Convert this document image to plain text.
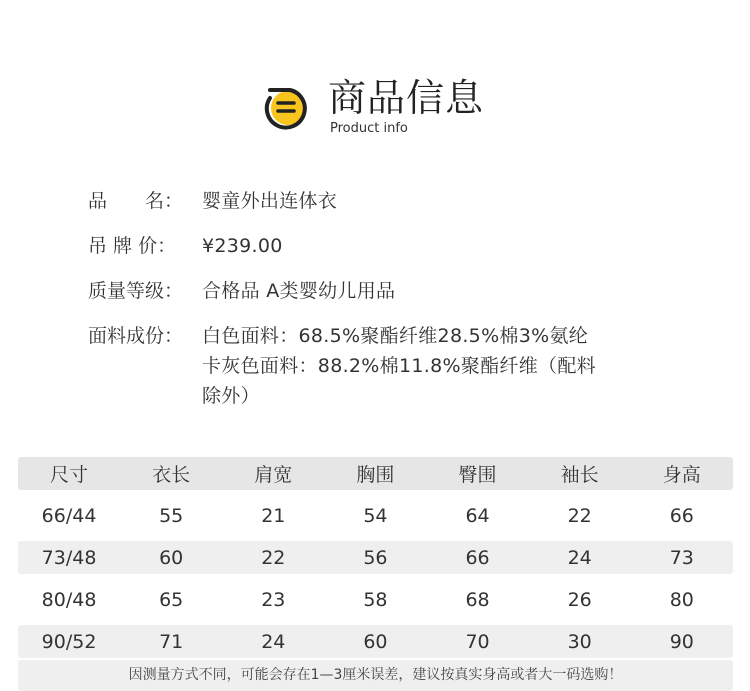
商品信息
Product info
品　　名： 婴童外出连体衣
吊 牌 价：	¥239.00
质量等级： 合格品 A类婴幼儿用品
面料成份： 白色面料：68.5%聚酯纤维28.5%棉3%氨纶
卡灰色面料：88.2%棉11.8%聚酯纤维（配料
除外）
尺寸	衣长	肩宽	胸围	臀围	袖长	身高
66/44	55	21	54	64	22	66
73/48	60	22	56	66	24	73
80/48	65	23	58	68	26	80
90/52	71	24	60	70	30	90
因测量方式不同，可能会存在1—3厘米误差，建议按真实身高或者大一码选购！
